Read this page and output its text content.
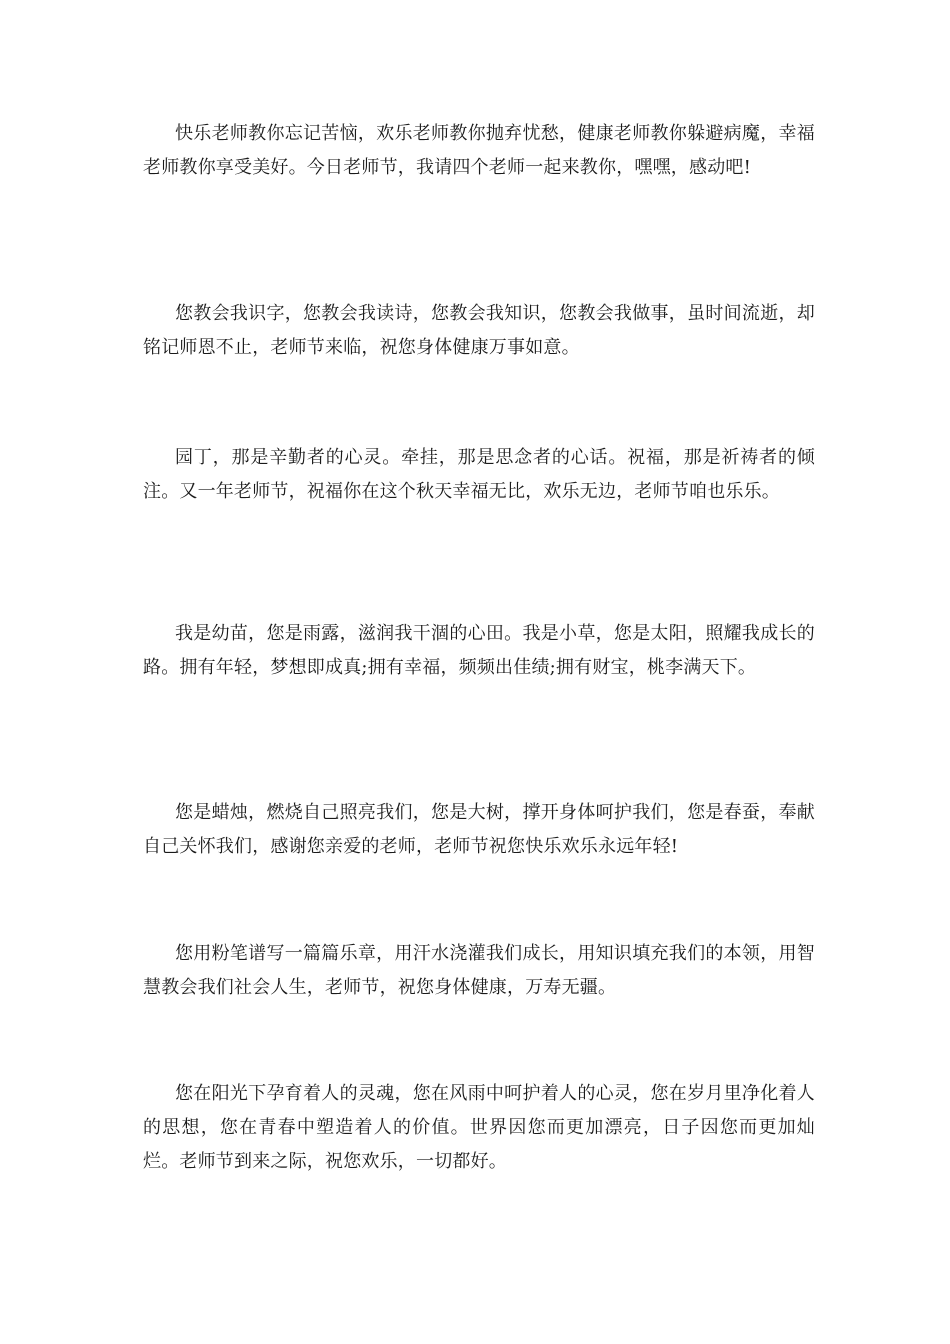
快乐老师教你忘记苦恼，欢乐老师教你抛弃忧愁，健康老师教你躲避病魔，幸福老师教你享受美好。今日老师节，我请四个老师一起来教你，嘿嘿，感动吧!

您教会我识字，您教会我读诗，您教会我知识，您教会我做事，虽时间流逝，却铭记师恩不止，老师节来临，祝您身体健康万事如意。

园丁，那是辛勤者的心灵。牵挂，那是思念者的心话。祝福，那是祈祷者的倾注。又一年老师节，祝福你在这个秋天幸福无比，欢乐无边，老师节咱也乐乐。

我是幼苗，您是雨露，滋润我干涸的心田。我是小草，您是太阳，照耀我成长的路。拥有年轻，梦想即成真;拥有幸福，频频出佳绩;拥有财宝，桃李满天下。

您是蜡烛，燃烧自己照亮我们，您是大树，撑开身体呵护我们，您是春蚕，奉献自己关怀我们，感谢您亲爱的老师，老师节祝您快乐欢乐永远年轻!

您用粉笔谱写一篇篇乐章，用汗水浇灌我们成长，用知识填充我们的本领，用智慧教会我们社会人生，老师节，祝您身体健康，万寿无疆。

您在阳光下孕育着人的灵魂，您在风雨中呵护着人的心灵，您在岁月里净化着人的思想，您在青春中塑造着人的价值。世界因您而更加漂亮，日子因您而更加灿烂。老师节到来之际，祝您欢乐，一切都好。
